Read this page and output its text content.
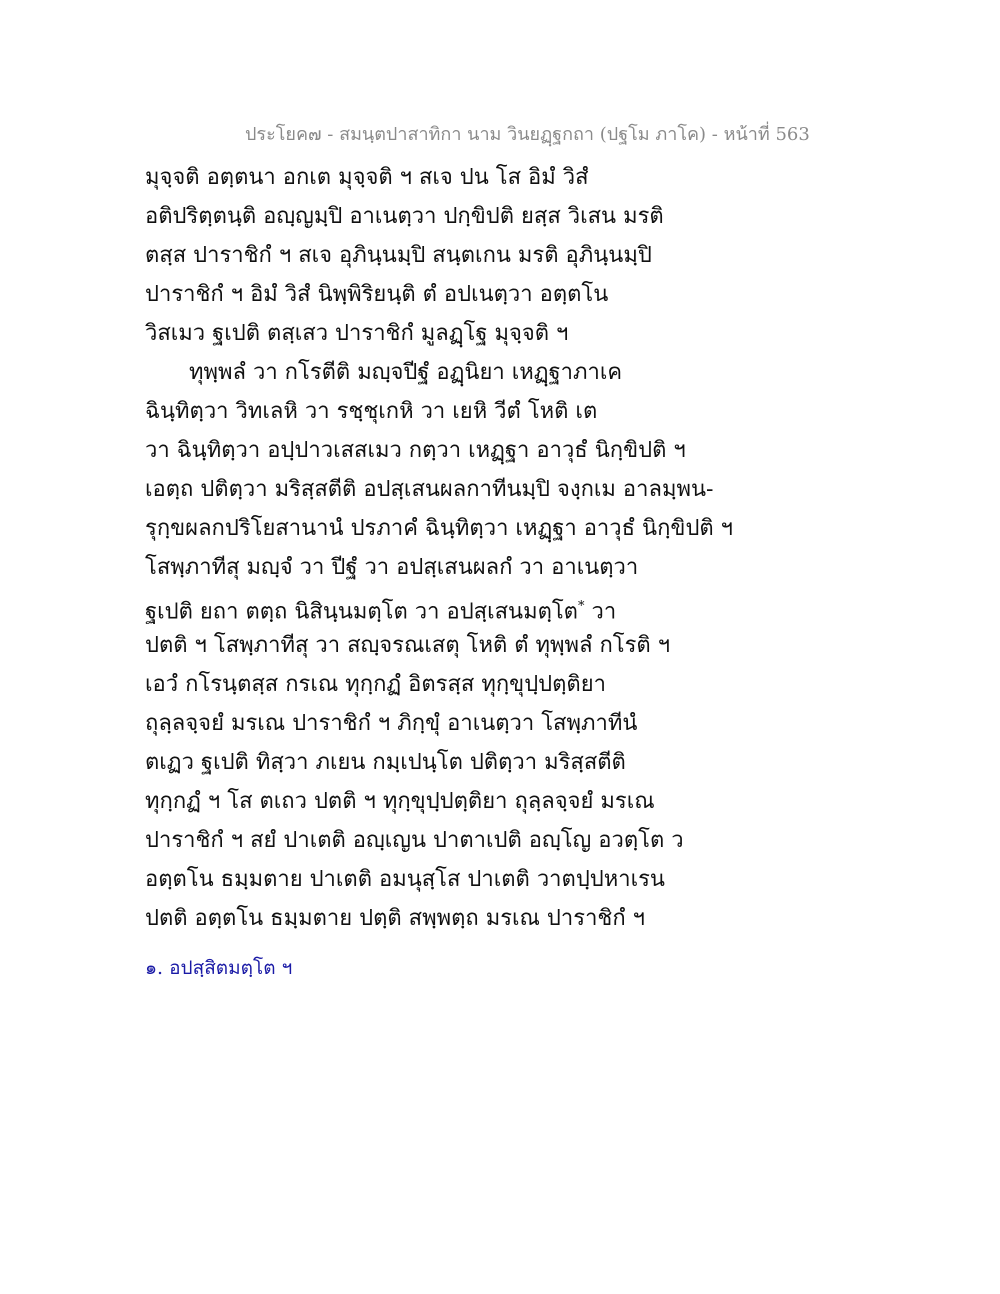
ประโยค๗ - สมนฺตปาสาทิกา นาม วินยฏฺฐกถา (ปฐโม ภาโค) - หน้าที่ 563
มุจฺจติ อตฺตนา อกเต มุจฺจติ ฯ สเจ ปน โส อิมํ วิสํ
อติปริตฺตนฺติ อญฺญมฺปิ อาเนตฺวา ปกฺขิปติ ยสฺส วิเสน มรติ
ตสฺส ปาราชิกํ ฯ สเจ อุภินฺนมฺปิ สนฺตเกน มรติ อุภินฺนมฺปิ
ปาราชิกํ ฯ อิมํ วิสํ นิพฺพิริยนฺติ ตํ อปเนตฺวา อตฺตโน
วิสเมว ฐเปติ ตสฺเสว ปาราชิกํ มูลฏฺโฐ มุจฺจติ ฯ
ทุพฺพลํ วา กโรตีติ มญฺจปีฐํ อฏฺนิยา เหฏฺฐาภาเค
ฉินฺทิตฺวา วิทเลหิ วา รชฺชุเกหิ วา เยหิ วีตํ โหติ เต
วา ฉินฺทิตฺวา อปฺปาวเสสเมว กตฺวา เหฏฺฐา อาวุธํ นิกฺขิปติ ฯ
เอตฺถ ปติตฺวา มริสฺสตีติ อปสฺเสนผลกาทีนมฺปิ จงฺกเม อาลมฺพน-
รุกฺขผลกปริโยสานานํ ปรภาคํ ฉินฺทิตฺวา เหฏฺฐา อาวุธํ นิกฺขิปติ ฯ
โสพฺภาทีสุ มญฺจํ วา ปีฐํ วา อปสฺเสนผลกํ วา อาเนตฺวา
ฐเปติ ยถา ตตฺถ นิสินฺนมตฺโต วา อปสฺเสนมตฺโต* วา
ปตติ ฯ โสพฺภาทีสุ วา สญฺจรณเสตุ โหติ ตํ ทุพฺพลํ กโรติ ฯ
เอวํ กโรนฺตสฺส กรเณ ทุกฺกฏํ อิตรสฺส ทุกฺขุปฺปตฺติยา
ถุลฺลจฺจยํ มรเณ ปาราชิกํ ฯ ภิกฺขุํ อาเนตฺวา โสพฺภาทีนํ
ตเฏว ฐเปติ ทิสฺวา ภเยน กมฺเปนฺโต ปติตฺวา มริสฺสตีติ
ทุกฺกฏํ ฯ โส ตเถว ปตติ ฯ ทุกฺขุปฺปตฺติยา ถุลฺลจฺจยํ มรเณ
ปาราชิกํ ฯ สยํ ปาเตติ อญฺเญน ปาตาเปติ อญฺโญ อวตฺโต ว
อตฺตโน ธมฺมตาย ปาเตติ อมนุสฺโส ปาเตติ วาตปฺปหาเรน
ปตติ อตฺตโน ธมฺมตาย ปตฺติ สพฺพตฺถ มรเณ ปาราชิกํ ฯ
๑. อปสฺสิตมตฺโต ฯ
